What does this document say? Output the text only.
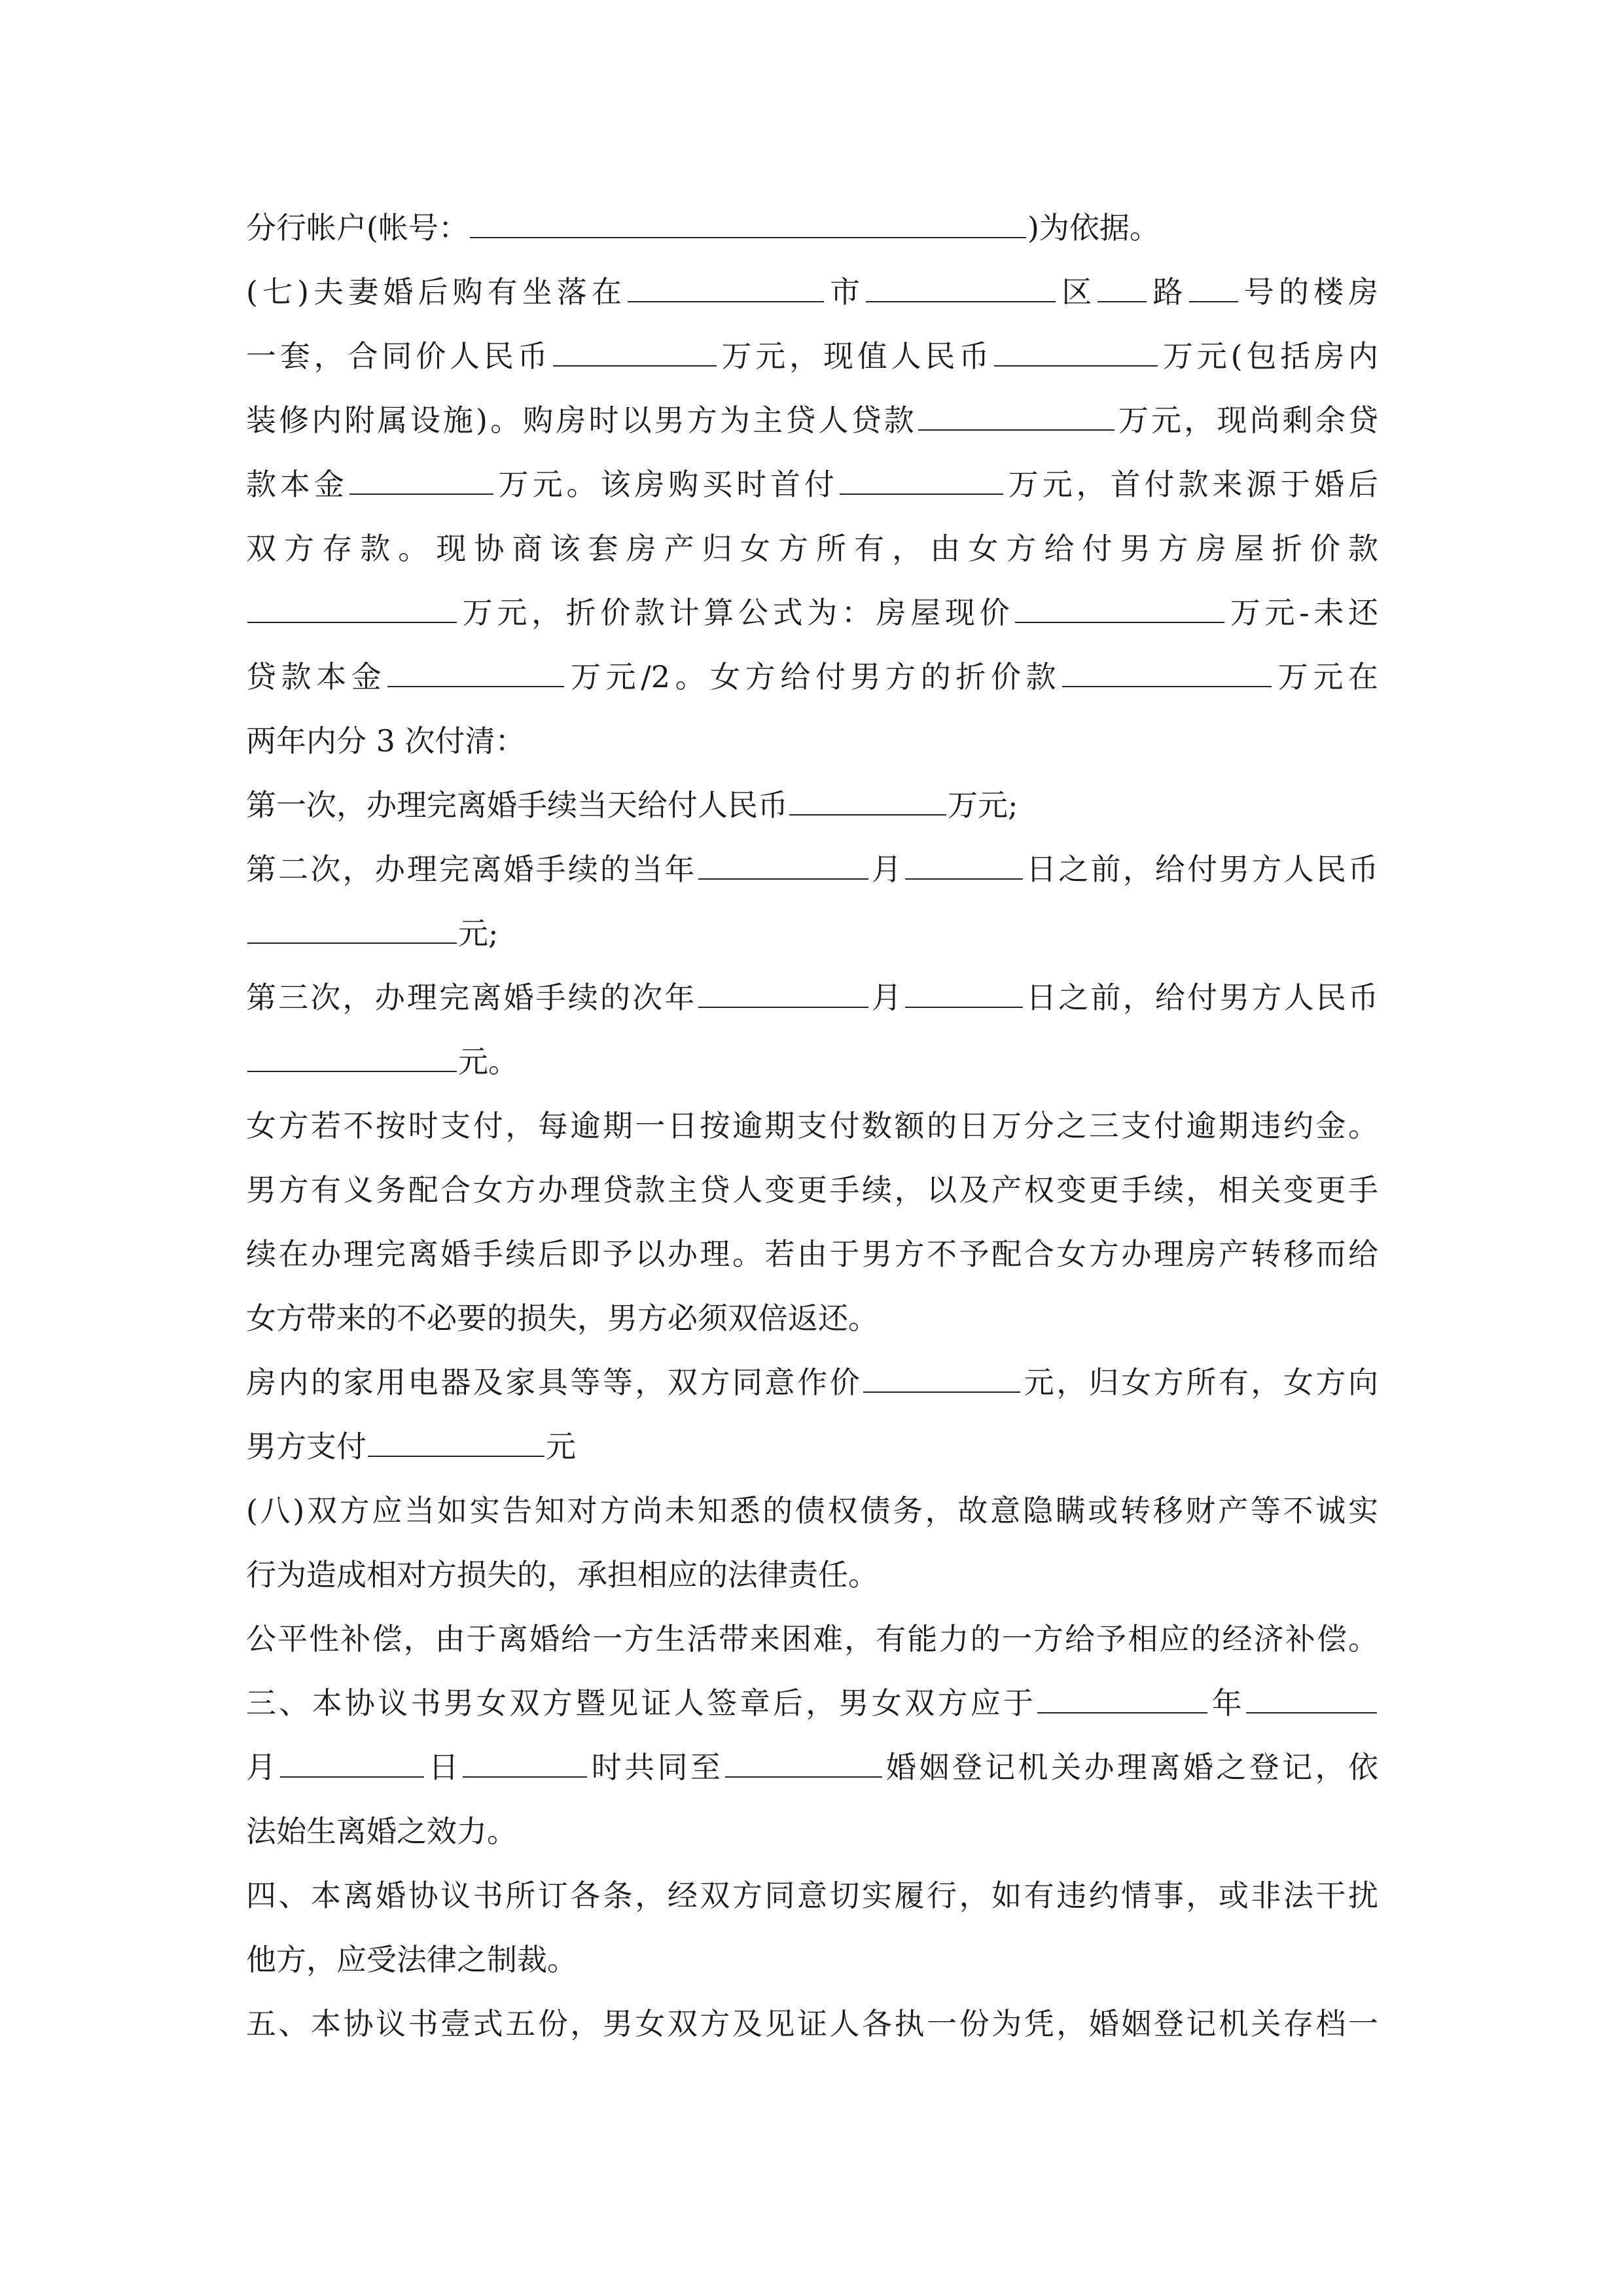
分行帐户(帐号：	)为依据。
(七)夫妻婚后购有坐落在	市	区 路 号的楼房
一套，合同价人民币	万元，现值人民币	万元(包括房内
装修内附属设施)。购房时以男方为主贷人贷款	万元，现尚剩余贷
款本金	万元。该房购买时首付	万元，首付款来源于婚后
双方存款。现协商该套房产归女方所有，由女方给付男方房屋折价款
万元，折价款计算公式为：房屋现价	万元-未还
贷款本金	万元/2。女方给付男方的折价款	万元在
两年内分 3 次付清：
第一次，办理完离婚手续当天给付人民币	万元;
第二次，办理完离婚手续的当年	月	日之前，给付男方人民币
元;
第三次，办理完离婚手续的次年	月	日之前，给付男方人民币
元。
女方若不按时支付，每逾期一日按逾期支付数额的日万分之三支付逾期违约金。
男方有义务配合女方办理贷款主贷人变更手续，以及产权变更手续，相关变更手
续在办理完离婚手续后即予以办理。若由于男方不予配合女方办理房产转移而给
女方带来的不必要的损失，男方必须双倍返还。
房内的家用电器及家具等等，双方同意作价	元，归女方所有，女方向
男方支付	元
(八)双方应当如实告知对方尚未知悉的债权债务，故意隐瞒或转移财产等不诚实
行为造成相对方损失的，承担相应的法律责任。
公平性补偿，由于离婚给一方生活带来困难，有能力的一方给予相应的经济补偿。
三、本协议书男女双方暨见证人签章后，男女双方应于	年
月	日	时共同至	婚姻登记机关办理离婚之登记，依
法始生离婚之效力。
四、本离婚协议书所订各条，经双方同意切实履行，如有违约情事，或非法干扰
他方，应受法律之制裁。
五、本协议书壹式五份，男女双方及见证人各执一份为凭，婚姻登记机关存档一
